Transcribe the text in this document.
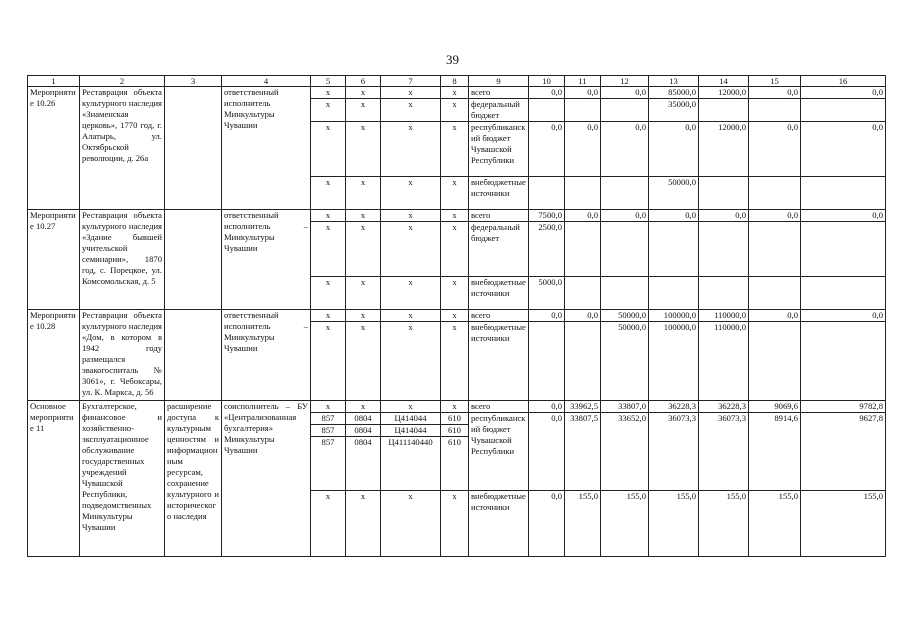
39
1	2	3	4	5	6	7	8	9	10	11	12	13	14	15	16
Мероприятие 10.26	Реставрация объекта культурного наследия «Знаменская церковь», 1770 год, г. Алатырь, ул. Октябрьской революции, д. 26а		ответственный исполнитель Минкультуры Чувашии	x	x	x	x	всего	0,0	0,0	0,0	85000,0	12000,0	0,0	0,0
				x	x	x	x	федеральный бюджет				35000,0			
				x	x	x	x	республиканский бюджет Чувашской Республики	0,0	0,0	0,0	0,0	12000,0	0,0	0,0
				x	x	x	x	внебюджетные источники				50000,0			
Мероприятие 10.27	Реставрация объекта культурного наследия «Здание бывшей учительской семинарии», 1870 год, с. Порецкое, ул. Комсомольская, д. 5		ответственный исполнитель – Минкультуры Чувашии	x	x	x	x	всего	7500,0	0,0	0,0	0,0	0,0	0,0	0,0
				x	x	x	x	федеральный бюджет	2500,0						
				x	x	x	x	внебюджетные источники	5000,0						
Мероприятие 10.28	Реставрация объекта культурного наследия «Дом, в котором в 1942 году размещался эвакогоспиталь № 3061», г. Чебоксары, ул. К. Маркса, д. 56		ответственный исполнитель – Минкультуры Чувашии	x	x	x	x	всего	0,0	0,0	50000,0	100000,0	110000,0	0,0	0,0
				x	x	x	x	внебюджетные источники			50000,0	100000,0	110000,0		
Основное мероприятие 11	Бухгалтерское, финансовое и хозяйственно-эксплуатационное обслуживание государственных учреждений Чувашской Республики, подведомственных Минкультуры Чувашии	расширение доступа к культурным ценностям и информационным ресурсам, сохранение культурного и исторического наследия	соисполнитель – БУ «Централизованная бухгалтерия» Минкультуры Чувашии	x	x	x	x	всего	0,0	33962,5	33807,0	36228,3	36228,3	9069,6	9782,8
				857	0804	Ц414044	610	республиканский бюджет Чувашской Республики	0,0	33807,5	33652,0	36073,3	36073,3	8914,6	9627,8
				857	0804	Ц414044	610								
				857	0804	Ц411140440	610								
				x	x	x	x	внебюджетные источники	0,0	155,0	155,0	155,0	155,0	155,0	155,0
